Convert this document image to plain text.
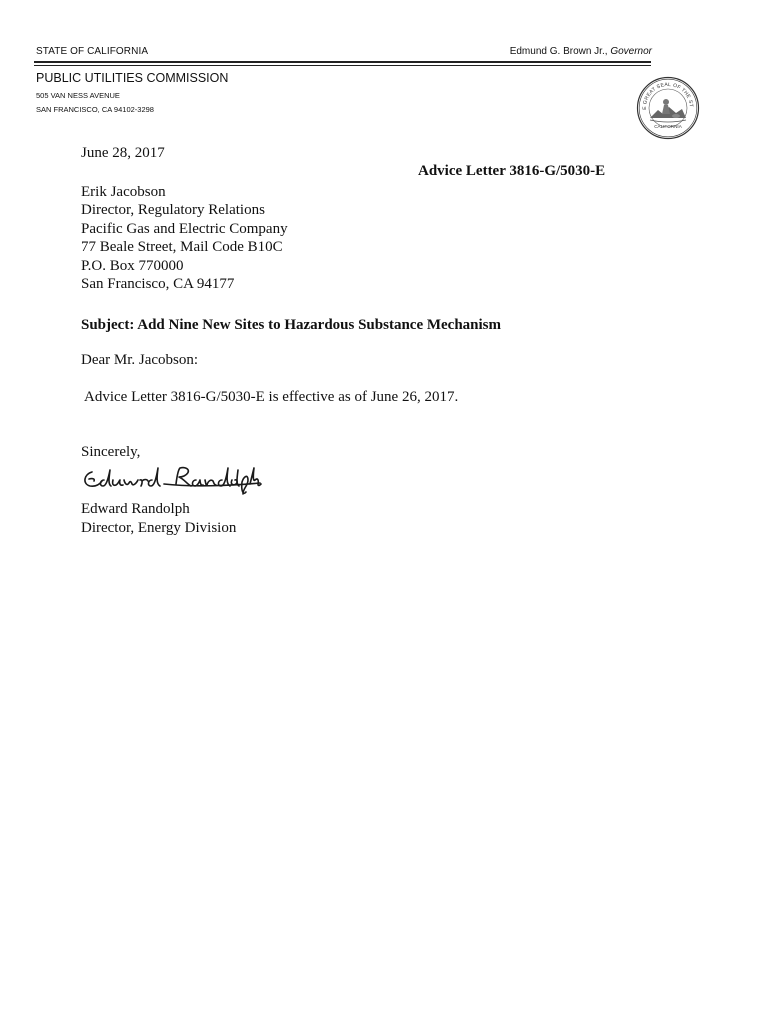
STATE OF CALIFORNIA	Edmund G. Brown Jr., Governor
PUBLIC UTILITIES COMMISSION
505 VAN NESS AVENUE
SAN FRANCISCO, CA 94102-3298	E GREAT SEAL OF THE ST
CALIFORNIA
June 28, 2017
Advice Letter 3816-G/5030-E
Erik Jacobson
Director, Regulatory Relations
Pacific Gas and Electric Company
77 Beale Street, Mail Code B10C
P.O. Box 770000
San Francisco, CA 94177
Subject: Add Nine New Sites to Hazardous Substance Mechanism
Dear Mr. Jacobson:
Advice Letter 3816-G/5030-E is effective as of June 26, 2017.
Sincerely,
Edward Randolph
Director, Energy Division
